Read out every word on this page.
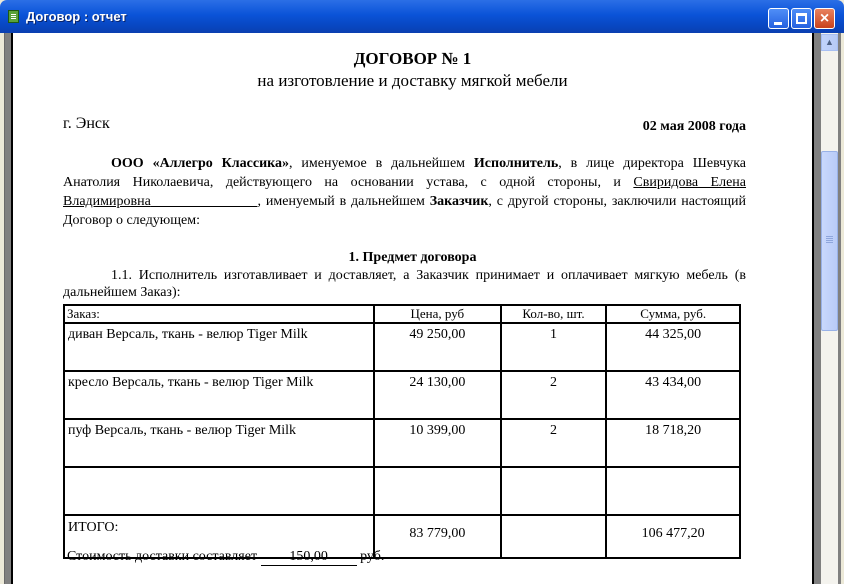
Договор : отчет	×
ДОГОВОР № 1
на изготовление и доставку мягкой мебели
г. Энск	02 мая 2008 года
ООО «Аллегро Классика», именуемое в дальнейшем Исполнитель, в лице директора Шевчука Анатолия Николаевича, действующего на основании устава, с одной стороны, и Свиридова Елена Владимировна	, именуемый в дальнейшем Заказчик, с другой стороны, заключили настоящий Договор о следующем:
1. Предмет договора
1.1. Исполнитель изготавливает и доставляет, а Заказчик принимает и оплачивает мягкую мебель (в дальнейшем Заказ):
Заказ:	Цена, руб	Кол-во, шт.	Сумма, руб.
диван Версаль, ткань - велюр Tiger Milk	49 250,00	1	44 325,00
кресло Версаль, ткань - велюр Tiger Milk	24 130,00	2	43 434,00
пуф Версаль, ткань - велюр Tiger Milk	10 399,00	2	18 718,20

ИТОГО:	83 779,00		106 477,20
Стоимость доставки составляет 150,00 руб.
▲
